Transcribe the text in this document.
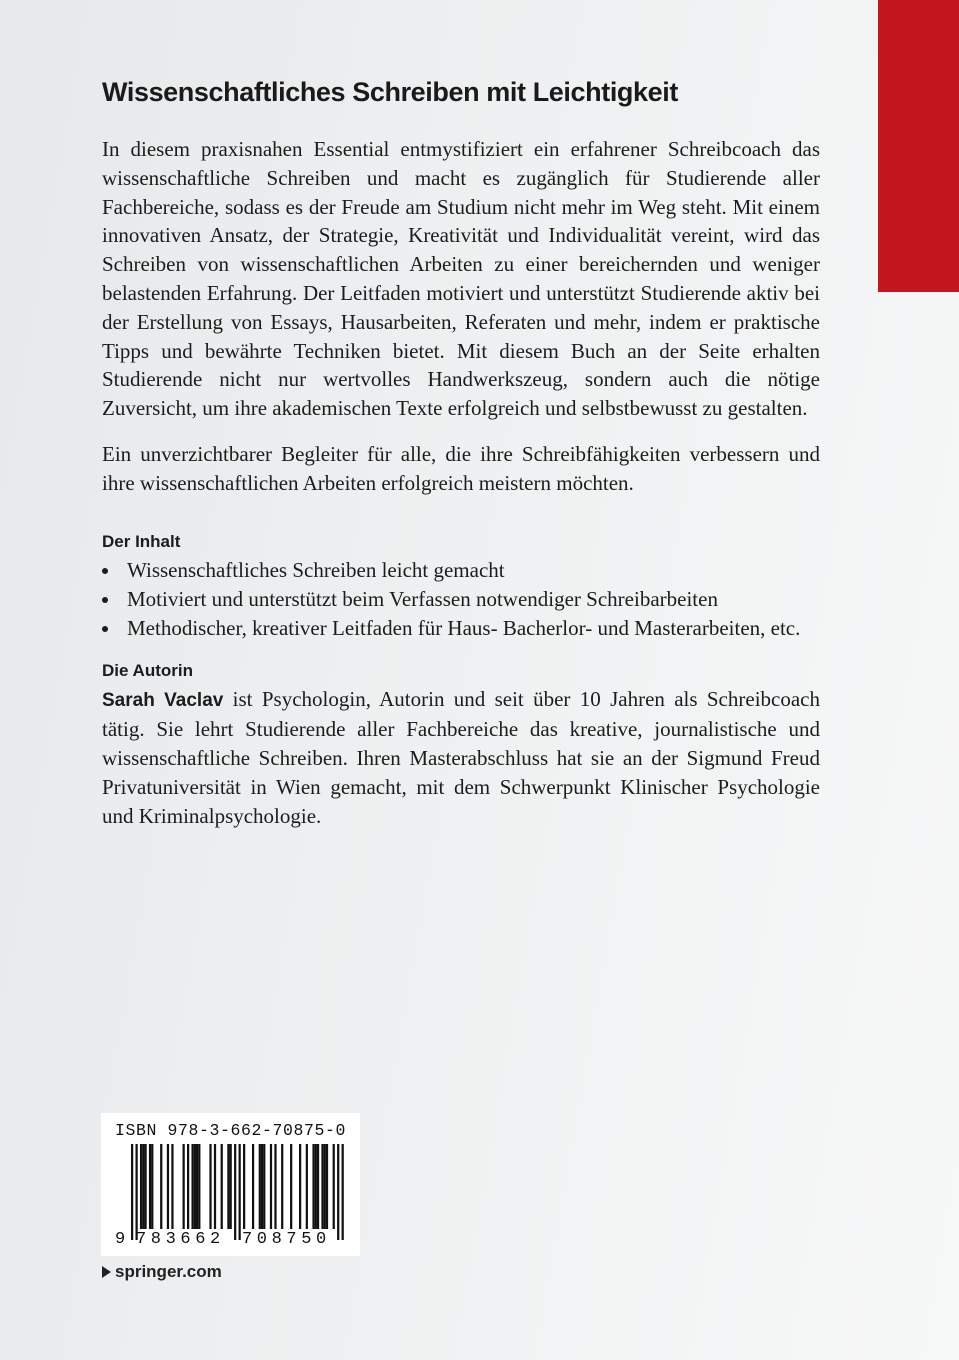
Wissenschaftliches Schreiben mit Leichtigkeit

In diesem praxisnahen Essential entmystifiziert ein erfahrener Schreibcoach das wissenschaftliche Schreiben und macht es zugänglich für Studierende aller Fachbereiche, sodass es der Freude am Studium nicht mehr im Weg steht. Mit einem innovativen Ansatz, der Strategie, Kreativität und Individualität vereint, wird das Schreiben von wissenschaftlichen Arbeiten zu einer bereichernden und weniger belastenden Erfahrung. Der Leitfaden motiviert und unterstützt Studierende aktiv bei der Erstellung von Essays, Hausarbeiten, Referaten und mehr, indem er praktische Tipps und bewährte Techniken bietet. Mit diesem Buch an der Seite erhalten Studierende nicht nur wertvolles Handwerkszeug, sondern auch die nötige Zuversicht, um ihre akademischen Texte erfolgreich und selbstbewusst zu gestalten.

Ein unverzichtbarer Begleiter für alle, die ihre Schreibfähigkeiten verbessern und ihre wissenschaftlichen Arbeiten erfolgreich meistern möchten.

Der Inhalt
Wissenschaftliches Schreiben leicht gemacht
Motiviert und unterstützt beim Verfassen notwendiger Schreibarbeiten
Methodischer, kreativer Leitfaden für Haus- Bacherlor- und Masterarbeiten, etc.
Die Autorin

Sarah Vaclav ist Psychologin, Autorin und seit über 10 Jahren als Schreibcoach tätig. Sie lehrt Studierende aller Fachbereiche das kreative, journalistische und wissenschaftliche Schreiben. Ihren Masterabschluss hat sie an der Sigmund Freud Privatuniversität in Wien gemacht, mit dem Schwerpunkt Klinischer Psychologie und Kriminalpsychologie.

ISBN 978-3-662-70875-0
9 783662 708750
springer.com
